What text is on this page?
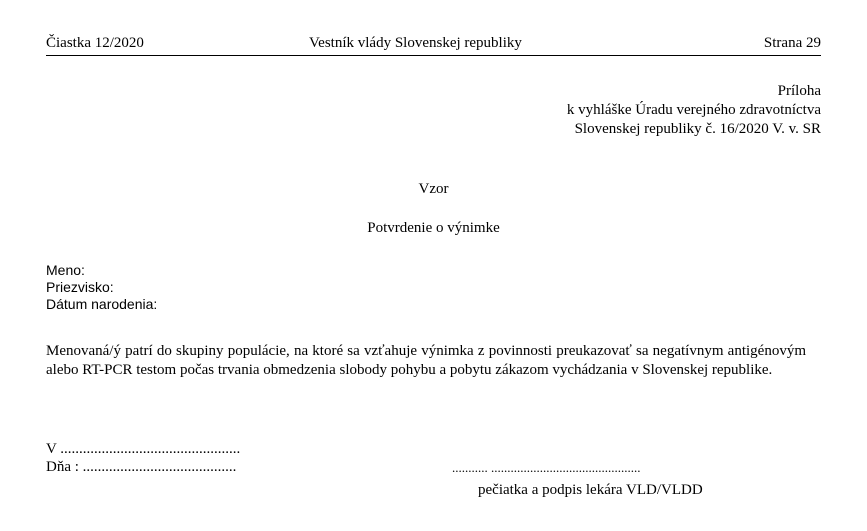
Čiastka 12/2020	Vestník vlády Slovenskej republiky	Strana 29
Príloha
k vyhláške Úradu verejného zdravotníctva
Slovenskej republiky č. 16/2020 V. v. SR
Vzor
Potvrdenie o výnimke
Meno:
Priezvisko:
Dátum narodenia:
Menovaná/ý patrí do skupiny populácie, na ktoré sa vzťahuje výnimka z povinnosti preukazovať sa negatívnym antigénovým alebo RT-PCR testom počas trvania obmedzenia slobody pohybu a pobytu zákazom vychádzania v Slovenskej republike.
V ................................................
Dňa : .........................................	........... ..............................................
pečiatka a podpis lekára VLD/VLDD
